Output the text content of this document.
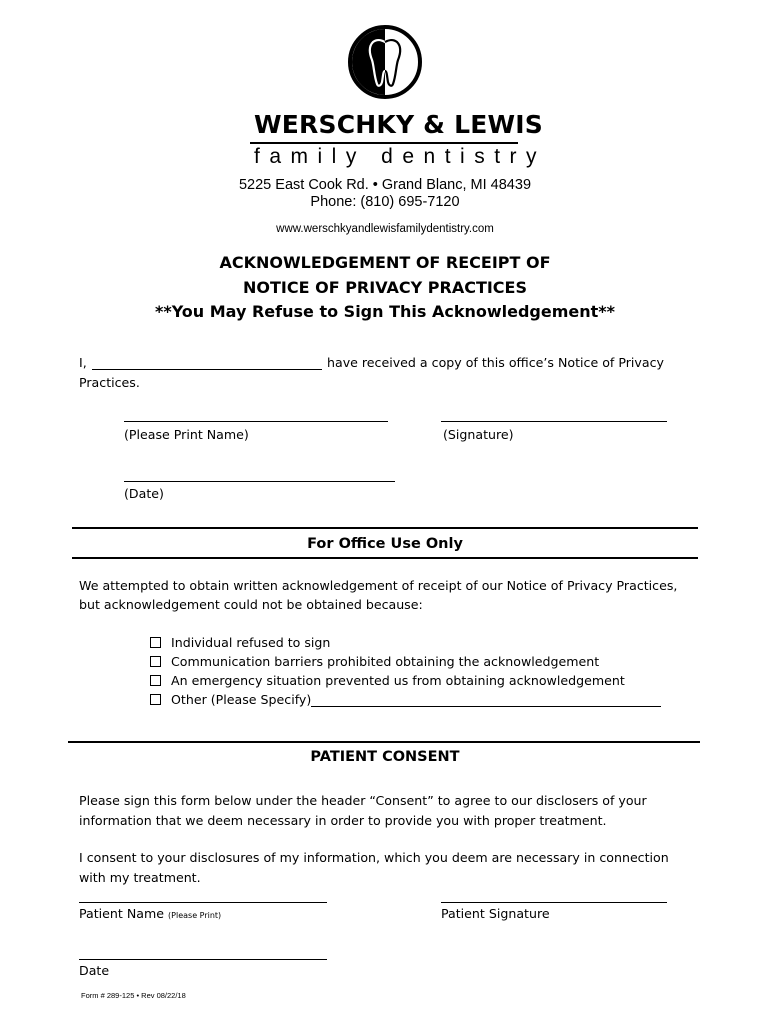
WERSCHKY & LEWIS
family dentistry
5225 East Cook Rd. • Grand Blanc, MI 48439
Phone: (810) 695-7120
www.werschkyandlewisfamilydentistry.com
ACKNOWLEDGEMENT OF RECEIPT OF
NOTICE OF PRIVACY PRACTICES
**You May Refuse to Sign This Acknowledgement**
I,	have received a copy of this office’s Notice of Privacy
Practices.
(Please Print Name)	(Signature)
(Date)
For Office Use Only
We attempted to obtain written acknowledgement of receipt of our Notice of Privacy Practices,
but acknowledgement could not be obtained because:
Individual refused to sign
Communication barriers prohibited obtaining the acknowledgement
An emergency situation prevented us from obtaining acknowledgement
Other (Please Specify)
PATIENT CONSENT
Please sign this form below under the header “Consent” to agree to our disclosers of your
information that we deem necessary in order to provide you with proper treatment.
I consent to your disclosures of my information, which you deem are necessary in connection
with my treatment.
Patient Name (Please Print)	Patient Signature
Date
Form # 289-125 • Rev 08/22/18
